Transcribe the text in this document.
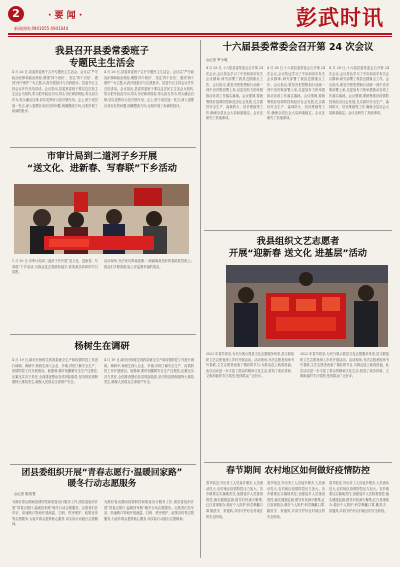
2	· 要 闻 ·
新闻热线:4941055 4941044	彭武时讯
我县召开县委常委班子
专题民主生活会
4 月 26 日,县委常委班子召开专题民主生活会。会议以“严守政治纪律和政治规矩,增强‘四个意识’、坚定‘四个自信’、做到‘两个维护’”为主题,认真开展批评与自我批评。县委书记主持会议并作总结讲话。会议指出,县委常委班子要以这次民主生活会为契机,带头把牢政治方向,带头守纪律讲规矩,带头担当作为,带头廉洁自律,切实发挥好示范引领作用。会上,班子成员逐一发言,深入查摆自身存在的问题,明确整改方向,互相开展了坦诚的批评。
4 月 26 日,县委常委班子召开专题民主生活会。会议以“严守政治纪律和政治规矩,增强‘四个意识’、坚定‘四个自信’、做到‘两个维护’”为主题,认真开展批评与自我批评。县委书记主持会议并作总结讲话。会议指出,县委常委班子要以这次民主生活会为契机,带头把牢政治方向,带头守纪律讲规矩,带头担当作为,带头廉洁自律,切实发挥好示范引领作用。会上,班子成员逐一发言,深入查摆自身存在的问题,明确整改方向,互相开展了坦诚的批评。
市审计局到二道河子乡开展
“送文化、进新春、写春联”下乡活动
1 月 20 日,市审计局到二道河子乡开展“送文化、进新春、写春联”下乡活动,为群众送去春联和福字,营造欢乐祥和的节日氛围。
活动现场,书法家们挥毫泼墨,一副副寓意美好的春联跃然纸上。群众们手捧春联,脸上洋溢着幸福的笑容。
杨树生在调研
4 月 19 日,副市长杨树生到我县就全生产和疫情防控工作进行调研。调研中,杨树生深入企业、乡镇,详细了解安全生产、疫情防控工作开展情况。他强调,要时刻绷紧安全生产这根弦,压紧压实各方责任,全面排查整治各类风险隐患,坚决防范遏制重特大事故发生,确保人民群众生命财产安全。
4 月 19 日,副市长杨树生到我县就全生产和疫情防控工作进行调研。调研中,杨树生深入企业、乡镇,详细了解安全生产、疫情防控工作开展情况。他强调,要时刻绷紧安全生产这根弦,压紧压实各方责任,全面排查整治各类风险隐患,坚决防范遏制重特大事故发生,确保人民群众生命财产安全。
团县委组织开展“青春志愿行·温暖回家路”
暖冬行动志愿服务
◎记者 陈美菁
为做好春运期间疫情防控和旅客出行服务工作,团县委组织开展“青春志愿行·温暖回家路”暖冬行动志愿服务。志愿者们在车站、高速路口等地开展测温、扫码、秩序维护、政策宣传等志愿服务,为返乡群众提供贴心服务,用实际行动践行志愿精神。
为做好春运期间疫情防控和旅客出行服务工作,团县委组织开展“青春志愿行·温暖回家路”暖冬行动志愿服务。志愿者们在车站、高速路口等地开展测温、扫码、秩序维护、政策宣传等志愿服务,为返乡群众提供贴心服务,用实际行动践行志愿精神。
十六届县委常委会召开第 24 次会议
◎记者 罗小敏
4 月 28 日,十六届县委常委会召开第 24 次会议,会议传达学习了中央和省市有关会议精神,研究部署了我县近期重点工作。会议指出,要坚决把思想和行动统一到中央决策部署上来,以更加有力的举措推动各项工作落实落地。会议强调,要统筹抓好疫情防控和经济社会发展,扎实做好安全生产、森林防火、信访维稳等工作,确保全县社会大局和谐稳定。会议还研究了其他事项。
4 月 28 日,十六届县委常委会召开第 24 次会议,会议传达学习了中央和省市有关会议精神,研究部署了我县近期重点工作。会议指出,要坚决把思想和行动统一到中央决策部署上来,以更加有力的举措推动各项工作落实落地。会议强调,要统筹抓好疫情防控和经济社会发展,扎实做好安全生产、森林防火、信访维稳等工作,确保全县社会大局和谐稳定。会议还研究了其他事项。
4 月 28 日,十六届县委常委会召开第 24 次会议,会议传达学习了中央和省市有关会议精神,研究部署了我县近期重点工作。会议指出,要坚决把思想和行动统一到中央决策部署上来,以更加有力的举措推动各项工作落实落地。会议强调,要统筹抓好疫情防控和经济社会发展,扎实做好安全生产、森林防火、信访维稳等工作,确保全县社会大局和谐稳定。会议还研究了其他事项。
我县组织文艺志愿者
开展“迎新春 送文化 进基层”活动
2022 年春节将至,为充分展示我县文化志愿服务风采,县文联组织文艺志愿者深入乡村开展活动。活动现场,书法志愿者现场书写春联,文艺志愿者表演了精彩的节目,为群众送上新春祝福。此次活动进一步丰富了群众的精神文化生活,营造了欢乐祥和、文明和谐的节日氛围,受到群众广泛好评。
2022 年春节将至,为充分展示我县文化志愿服务风采,县文联组织文艺志愿者深入乡村开展活动。活动现场,书法志愿者现场书写春联,文艺志愿者表演了精彩的节目,为群众送上新春祝福。此次活动进一步丰富了群众的精神文化生活,营造了欢乐祥和、文明和谐的节日氛围,受到群众广泛好评。
春节期间 农村地区如何做好疫情防控
春节临近,外出务工人员返乡增多,人员流动性大,农村地区疫情防控压力加大。各乡镇要压实属地责任,加强返乡人员排查管控,落实健康监测,倡导村民减少聚集,红白喜事简办,做好个人防护,科学佩戴口罩,勤洗手、常通风,共同守护好农村地区的安全防线。
春节临近,外出务工人员返乡增多,人员流动性大,农村地区疫情防控压力加大。各乡镇要压实属地责任,加强返乡人员排查管控,落实健康监测,倡导村民减少聚集,红白喜事简办,做好个人防护,科学佩戴口罩,勤洗手、常通风,共同守护好农村地区的安全防线。
春节临近,外出务工人员返乡增多,人员流动性大,农村地区疫情防控压力加大。各乡镇要压实属地责任,加强返乡人员排查管控,落实健康监测,倡导村民减少聚集,红白喜事简办,做好个人防护,科学佩戴口罩,勤洗手、常通风,共同守护好农村地区的安全防线。
